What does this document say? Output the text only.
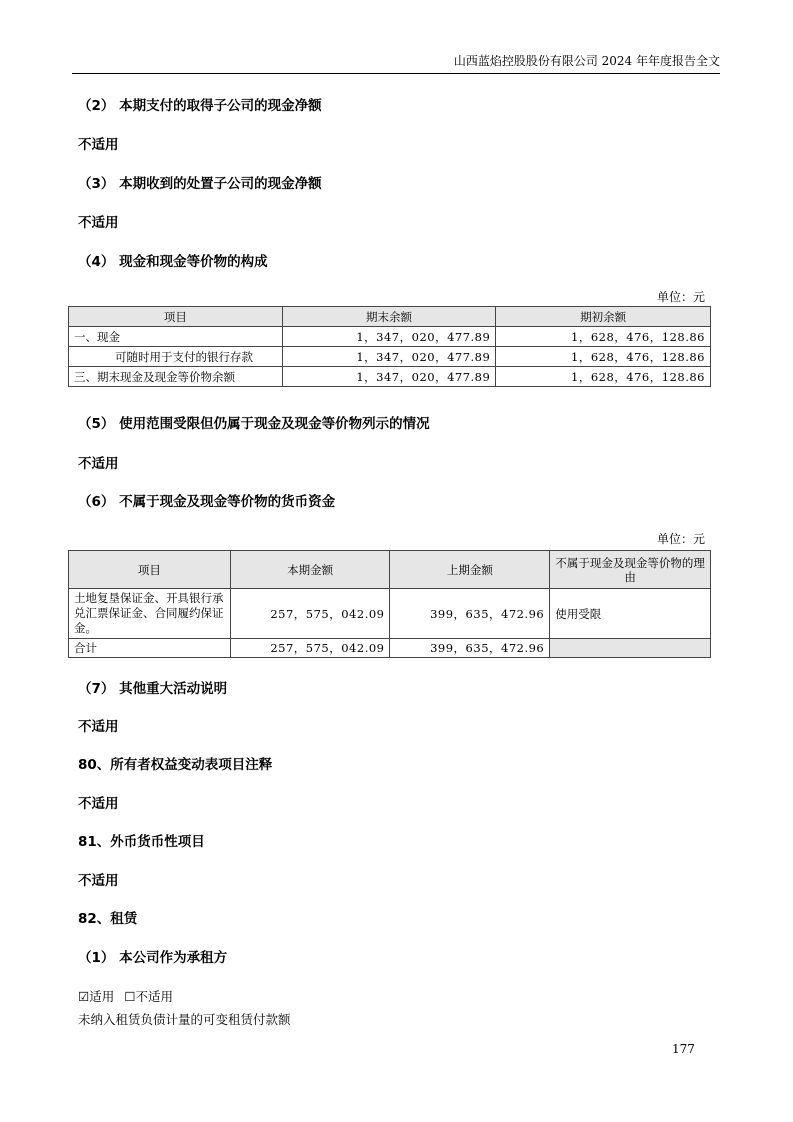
山西蓝焰控股股份有限公司 2024 年年度报告全文
（2） 本期支付的取得子公司的现金净额
不适用
（3） 本期收到的处置子公司的现金净额
不适用
（4） 现金和现金等价物的构成
单位：元
项目	期末余额	期初余额
一、现金	1，347，020，477.89	1，628，476，128.86
可随时用于支付的银行存款	1，347，020，477.89	1，628，476，128.86
三、期末现金及现金等价物余额	1，347，020，477.89	1，628，476，128.86
（5） 使用范围受限但仍属于现金及现金等价物列示的情况
不适用
（6） 不属于现金及现金等价物的货币资金
单位：元
项目	本期金额	上期金额	不属于现金及现金等价物的理由
土地复垦保证金、开具银行承兑汇票保证金、合同履约保证金。	257，575，042.09	399，635，472.96	使用受限
合计	257，575，042.09	399，635，472.96	
（7） 其他重大活动说明
不适用
80、所有者权益变动表项目注释
不适用
81、外币货币性项目
不适用
82、租赁
（1） 本公司作为承租方
☑适用 ☐不适用
未纳入租赁负债计量的可变租赁付款额
177
